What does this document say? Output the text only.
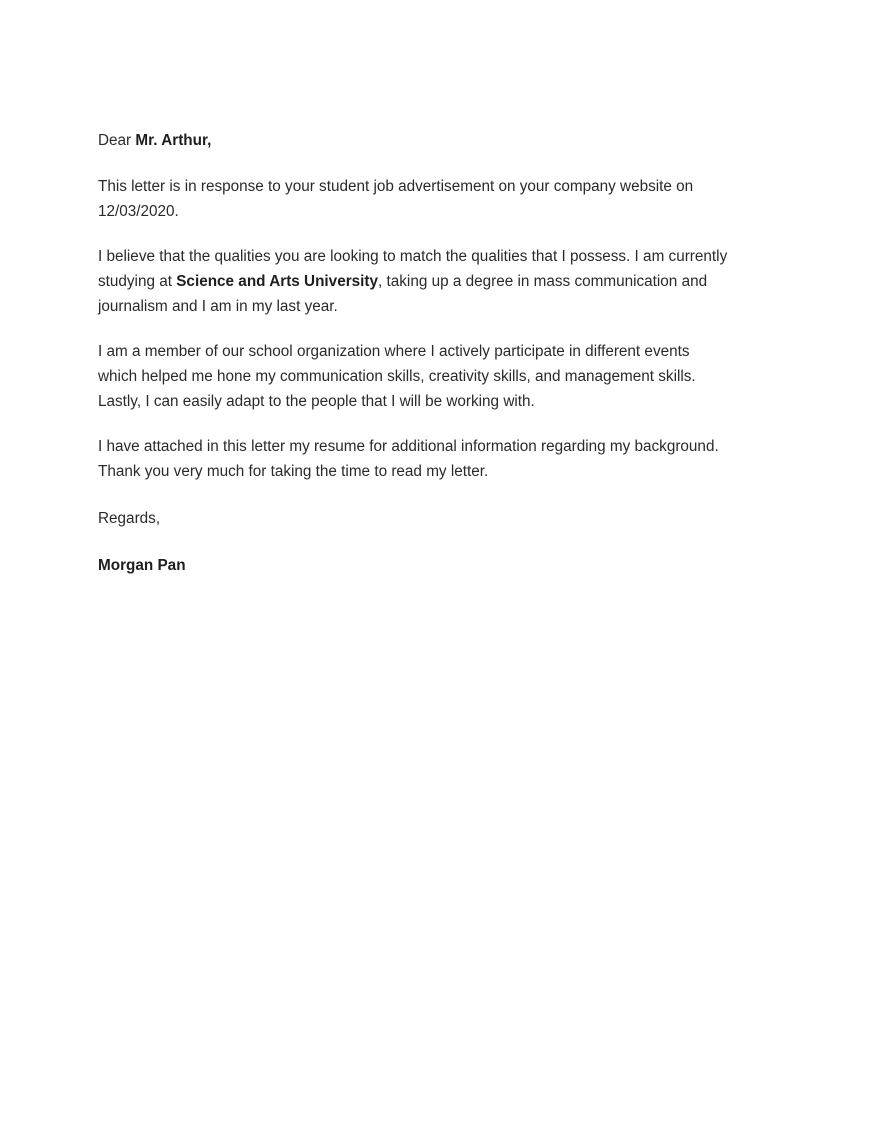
Dear Mr. Arthur,

This letter is in response to your student job advertisement on your company website on
12/03/2020.

I believe that the qualities you are looking to match the qualities that I possess. I am currently
studying at Science and Arts University, taking up a degree in mass communication and
journalism and I am in my last year.

I am a member of our school organization where I actively participate in different events
which helped me hone my communication skills, creativity skills, and management skills.
Lastly, I can easily adapt to the people that I will be working with.

I have attached in this letter my resume for additional information regarding my background.
Thank you very much for taking the time to read my letter.

Regards,

Morgan Pan
